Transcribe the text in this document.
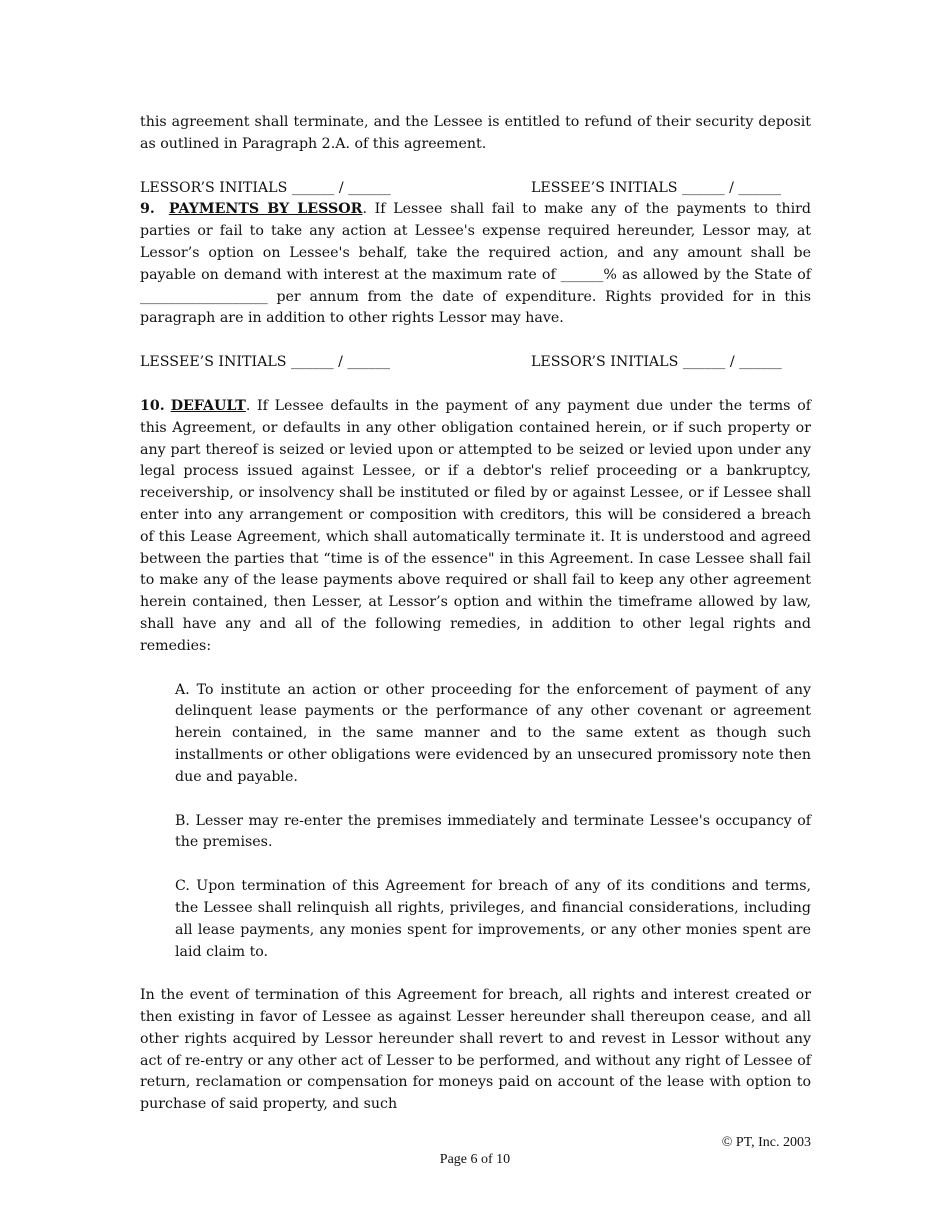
this agreement shall terminate, and the Lessee is entitled to refund of their security deposit as outlined in Paragraph 2.A. of this agreement.

LESSOR’S INITIALS ______ / ______

	LESSEE’S INITIALS ______ / ______

9. PAYMENTS BY LESSOR. If Lessee shall fail to make any of the payments to third parties or fail to take any action at Lessee's expense required hereunder, Lessor may, at Lessor’s option on Lessee's behalf, take the required action, and any amount shall be payable on demand with interest at the maximum rate of ______% as allowed by the State of __________________ per annum from the date of expenditure. Rights provided for in this paragraph are in addition to other rights Lessor may have.

LESSEE’S INITIALS ______ / ______

	LESSOR’S INITIALS ______ / ______

10. DEFAULT. If Lessee defaults in the payment of any payment due under the terms of this Agreement, or defaults in any other obligation contained herein, or if such property or any part thereof is seized or levied upon or attempted to be seized or levied upon under any legal process issued against Lessee, or if a debtor's relief proceeding or a bankruptcy, receivership, or insolvency shall be instituted or filed by or against Lessee, or if Lessee shall enter into any arrangement or composition with creditors, this will be considered a breach of this Lease Agreement, which shall automatically terminate it. It is understood and agreed between the parties that “time is of the essence" in this Agreement. In case Lessee shall fail to make any of the lease payments above required or shall fail to keep any other agreement herein contained, then Lesser, at Lessor’s option and within the timeframe allowed by law, shall have any and all of the following remedies, in addition to other legal rights and remedies:

A. To institute an action or other proceeding for the enforcement of payment of any delinquent lease payments or the performance of any other covenant or agreement herein contained, in the same manner and to the same extent as though such installments or other obligations were evidenced by an unsecured promissory note then due and payable.

B. Lesser may re-enter the premises immediately and terminate Lessee's occupancy of the premises.

C. Upon termination of this Agreement for breach of any of its conditions and terms, the Lessee shall relinquish all rights, privileges, and financial considerations, including all lease payments, any monies spent for improvements, or any other monies spent are laid claim to.

In the event of termination of this Agreement for breach, all rights and interest created or then existing in favor of Lessee as against Lesser hereunder shall thereupon cease, and all other rights acquired by Lessor hereunder shall revert to and revest in Lessor without any act of re-entry or any other act of Lesser to be performed, and without any right of Lessee of return, reclamation or compensation for moneys paid on account of the lease with option to purchase of said property, and such

© PT, Inc. 2003
Page 6 of 10
